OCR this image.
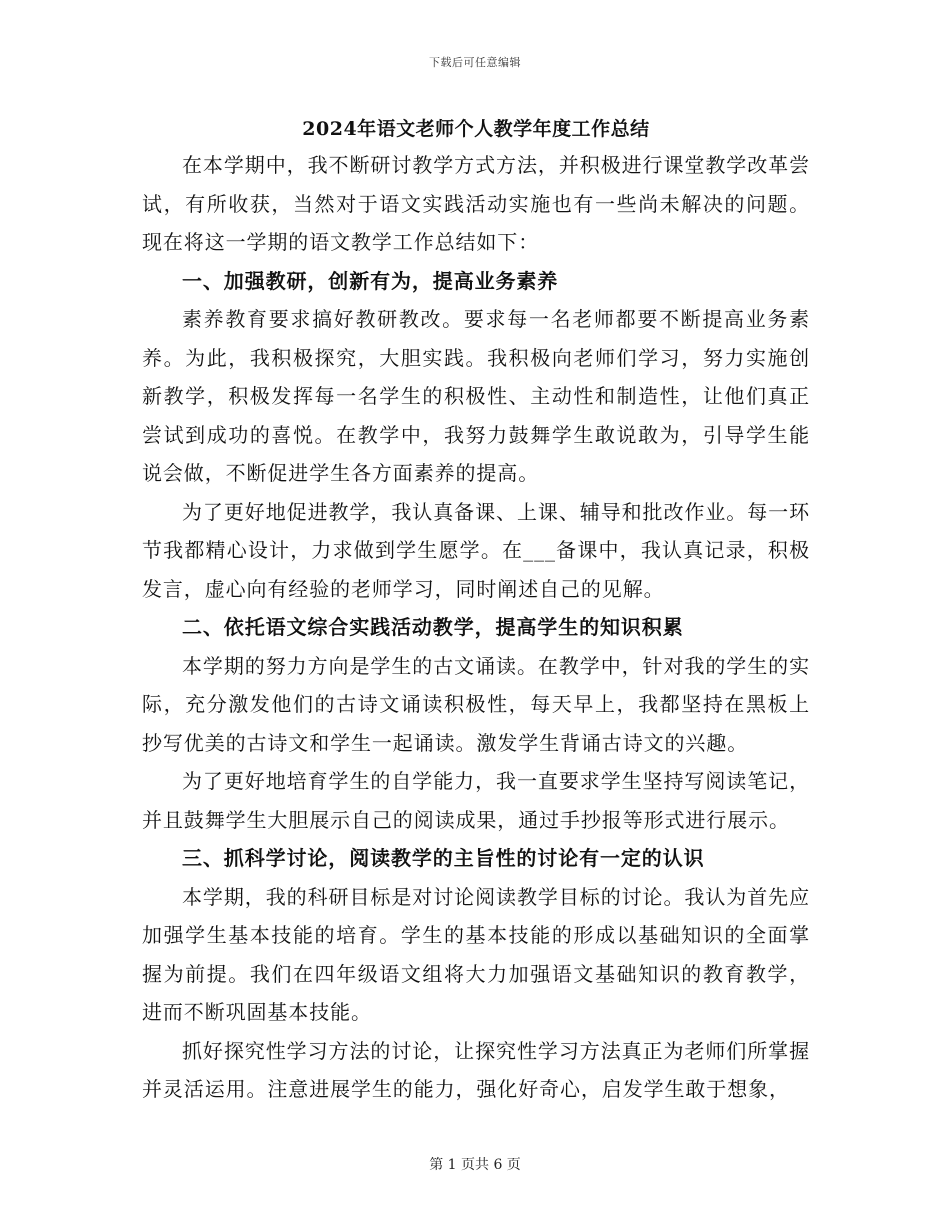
下载后可任意编辑
2024年语文老师个人教学年度工作总结

在本学期中，我不断研讨教学方式方法，并积极进行课堂教学改革尝试，有所收获，当然对于语文实践活动实施也有一些尚未解决的问题。现在将这一学期的语文教学工作总结如下：

一、加强教研，创新有为，提高业务素养

素养教育要求搞好教研教改。要求每一名老师都要不断提高业务素养。为此，我积极探究，大胆实践。我积极向老师们学习，努力实施创新教学，积极发挥每一名学生的积极性、主动性和制造性，让他们真正尝试到成功的喜悦。在教学中，我努力鼓舞学生敢说敢为，引导学生能说会做，不断促进学生各方面素养的提高。

为了更好地促进教学，我认真备课、上课、辅导和批改作业。每一环节我都精心设计，力求做到学生愿学。在___备课中，我认真记录，积极发言，虚心向有经验的老师学习，同时阐述自己的见解。

二、依托语文综合实践活动教学，提高学生的知识积累

本学期的努力方向是学生的古文诵读。在教学中，针对我的学生的实际，充分激发他们的古诗文诵读积极性，每天早上，我都坚持在黑板上抄写优美的古诗文和学生一起诵读。激发学生背诵古诗文的兴趣。

为了更好地培育学生的自学能力，我一直要求学生坚持写阅读笔记，并且鼓舞学生大胆展示自己的阅读成果，通过手抄报等形式进行展示。

三、抓科学讨论，阅读教学的主旨性的讨论有一定的认识

本学期，我的科研目标是对讨论阅读教学目标的讨论。我认为首先应加强学生基本技能的培育。学生的基本技能的形成以基础知识的全面掌握为前提。我们在四年级语文组将大力加强语文基础知识的教育教学，进而不断巩固基本技能。

抓好探究性学习方法的讨论，让探究性学习方法真正为老师们所掌握并灵活运用。注意进展学生的能力，强化好奇心，启发学生敢于想象，

第 1 页共 6 页
